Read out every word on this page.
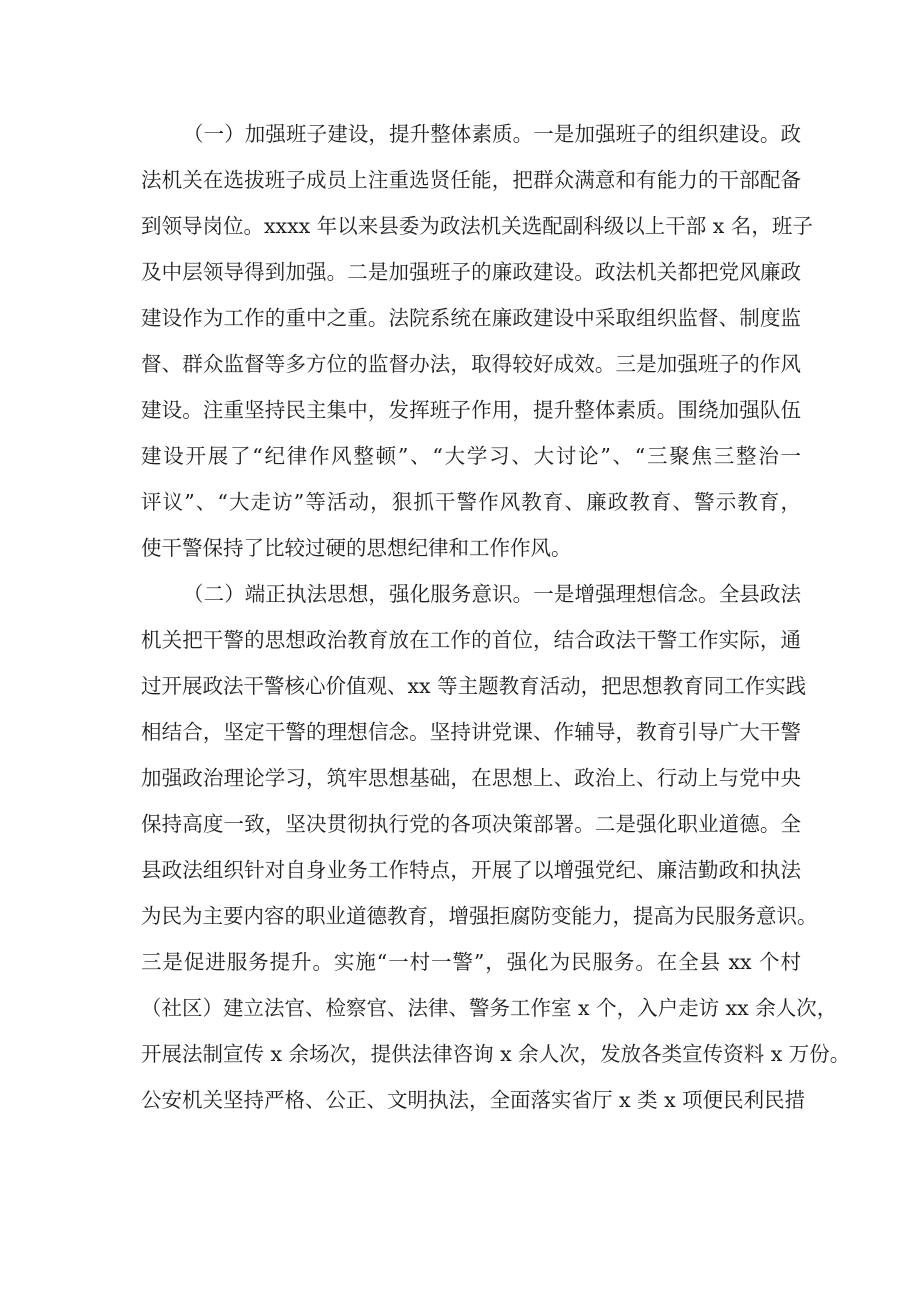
（一）加强班子建设，提升整体素质。一是加强班子的组织建设。政
法机关在选拔班子成员上注重选贤任能，把群众满意和有能力的干部配备
到领导岗位。xxxx 年以来县委为政法机关选配副科级以上干部 x 名，班子
及中层领导得到加强。二是加强班子的廉政建设。政法机关都把党风廉政
建设作为工作的重中之重。法院系统在廉政建设中采取组织监督、制度监
督、群众监督等多方位的监督办法，取得较好成效。三是加强班子的作风
建设。注重坚持民主集中，发挥班子作用，提升整体素质。围绕加强队伍
建设开展了“纪律作风整顿”、“大学习、大讨论”、“三聚焦三整治一
评议”、“大走访”等活动，狠抓干警作风教育、廉政教育、警示教育，
使干警保持了比较过硬的思想纪律和工作作风。
（二）端正执法思想，强化服务意识。一是增强理想信念。全县政法
机关把干警的思想政治教育放在工作的首位，结合政法干警工作实际，通
过开展政法干警核心价值观、xx 等主题教育活动，把思想教育同工作实践
相结合，坚定干警的理想信念。坚持讲党课、作辅导，教育引导广大干警
加强政治理论学习，筑牢思想基础，在思想上、政治上、行动上与党中央
保持高度一致，坚决贯彻执行党的各项决策部署。二是强化职业道德。全
县政法组织针对自身业务工作特点，开展了以增强党纪、廉洁勤政和执法
为民为主要内容的职业道德教育，增强拒腐防变能力，提高为民服务意识。
三是促进服务提升。实施“一村一警”，强化为民服务。在全县 xx 个村
（社区）建立法官、检察官、法律、警务工作室 x 个，入户走访 xx 余人次，
开展法制宣传 x 余场次，提供法律咨询 x 余人次，发放各类宣传资料 x 万份。
公安机关坚持严格、公正、文明执法，全面落实省厅 x 类 x 项便民利民措
